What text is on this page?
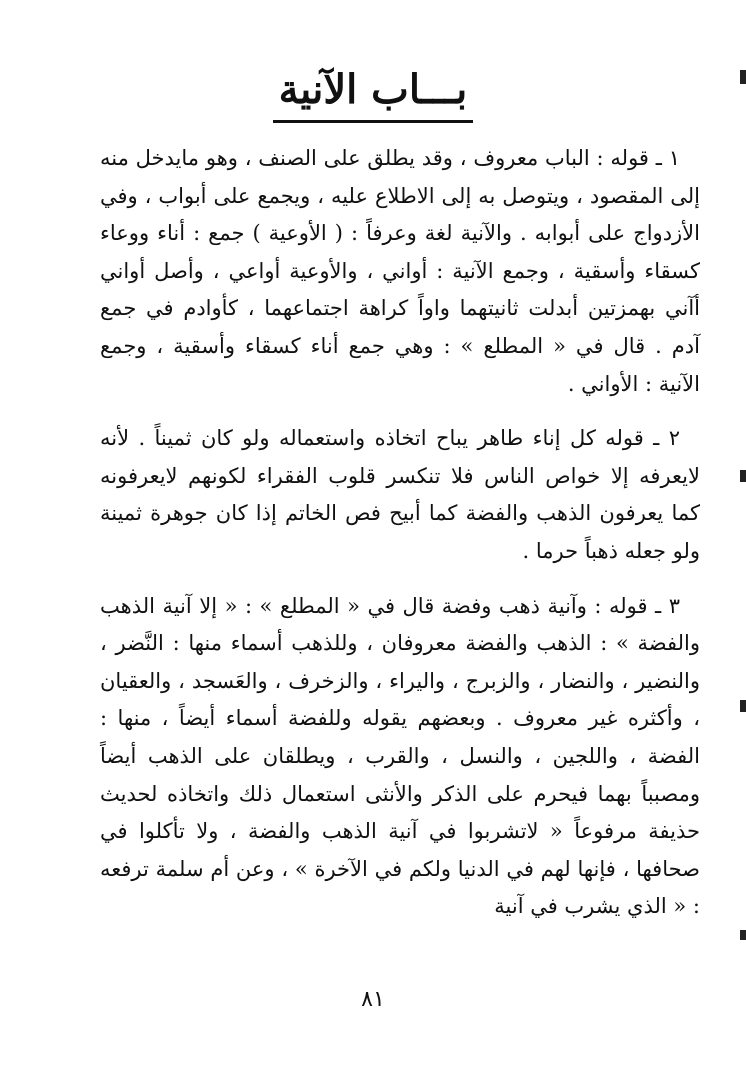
بـــاب الآنية

١ ـ قوله : الباب معروف ، وقد يطلق على الصنف ، وهو مايدخل منه إلى المقصود ، ويتوصل به إلى الاطلاع عليه ، ويجمع على أبواب ، وفي الأزدواج على أبوابه . والآنية لغة وعرفاً : ( الأوعية ) جمع : أناء ووعاء كسقاء وأسقية ، وجمع الآنية : أواني ، والأوعية أواعي ، وأصل أواني أآني بهمزتين أبدلت ثانيتهما واواً كراهة اجتماعهما ، كأوادم في جمع آدم . قال في « المطلع » : وهي جمع أناء كسقاء وأسقية ، وجمع الآنية : الأواني .

٢ ـ قوله كل إناء طاهر يباح اتخاذه واستعماله ولو كان ثميناً . لأنه لايعرفه إلا خواص الناس فلا تنكسر قلوب الفقراء لكونهم لايعرفونه كما يعرفون الذهب والفضة كما أبيح فص الخاتم إذا كان جوهرة ثمينة ولو جعله ذهباً حرما .

٣ ـ قوله : وآنية ذهب وفضة قال في « المطلع » : « إلا آنية الذهب والفضة » : الذهب والفضة معروفان ، وللذهب أسماء منها : النَّضر ، والنضير ، والنضار ، والزبرج ، واليراء ، والزخرف ، والعَسجد ، والعقيان ، وأكثره غير معروف . وبعضهم يقوله وللفضة أسماء أيضاً ، منها : الفضة ، واللجين ، والنسل ، والقرب ، ويطلقان على الذهب أيضاً ومصبباً بهما فيحرم على الذكر والأنثى استعمال ذلك واتخاذه لحديث حذيفة مرفوعاً « لاتشربوا في آنية الذهب والفضة ، ولا تأكلوا في صحافها ، فإنها لهم في الدنيا ولكم في الآخرة » ، وعن أم سلمة ترفعه : « الذي يشرب في آنية

٨١
